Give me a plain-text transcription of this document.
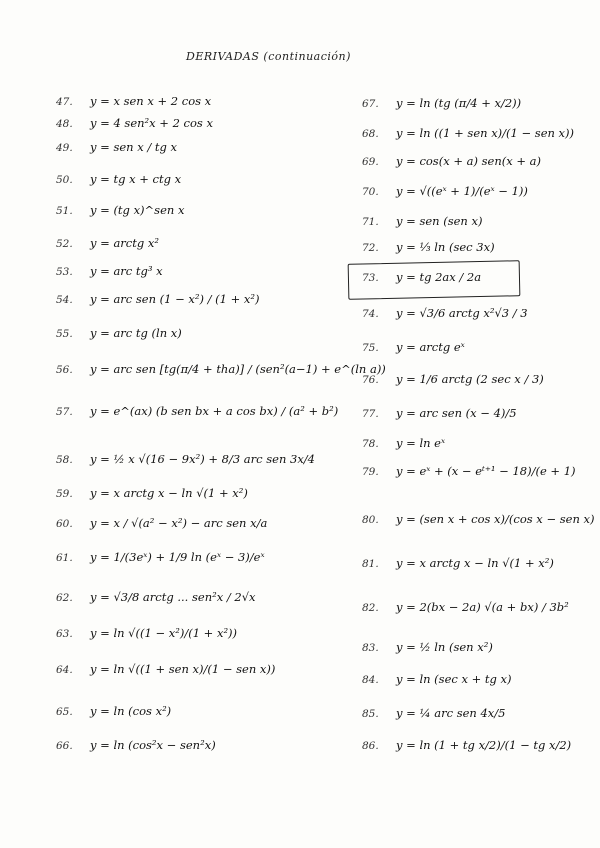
DERIVADAS (continuación)
47.	y = x sen x + 2 cos x
48.	y = 4 sen²x + 2 cos x
49.	y = sen x / tg x
50.	y = tg x + ctg x
51.	y = (tg x)^sen x
52.	y = arctg x²
53.	y = arc tg³ x
54.	y = arc sen (1 − x²) / (1 + x²)
55.	y = arc tg (ln x)
56.	y = arc sen [tg(π/4 + tha)] / (sen²(a−1) + e^(ln a))
57.	y = e^(ax) (b sen bx + a cos bx) / (a² + b²)
58.	y = ½ x √(16 − 9x²) + 8/3 arc sen 3x/4
59.	y = x arctg x − ln √(1 + x²)
60.	y = x / √(a² − x²) − arc sen x/a
61.	y = 1/(3eˣ) + 1/9 ln (eˣ − 3)/eˣ
62.	y = √3/8 arctg ... sen²x / 2√x
63.	y = ln √((1 − x²)/(1 + x²))
64.	y = ln √((1 + sen x)/(1 − sen x))
65.	y = ln (cos x²)
66.	y = ln (cos²x − sen²x)
67.	y = ln (tg (π/4 + x/2))
68.	y = ln ((1 + sen x)/(1 − sen x))
69.	y = cos(x + a) sen(x + a)
70.	y = √((eˣ + 1)/(eˣ − 1))
71.	y = sen (sen x)
72.	y = ⅓ ln (sec 3x)
73.	y = tg 2ax / 2a
74.	y = √3/6 arctg x²√3 / 3
75.	y = arctg eˣ
76.	y = 1/6 arctg (2 sec x / 3)
77.	y = arc sen (x − 4)/5
78.	y = ln eˣ
79.	y = eˣ + (x − eᵗ⁺¹ − 18)/(e + 1)
80.	y = (sen x + cos x)/(cos x − sen x)
81.	y = x arctg x − ln √(1 + x²)
82.	y = 2(bx − 2a) √(a + bx) / 3b²
83.	y = ½ ln (sen x²)
84.	y = ln (sec x + tg x)
85.	y = ¼ arc sen 4x/5
86.	y = ln (1 + tg x/2)/(1 − tg x/2)
